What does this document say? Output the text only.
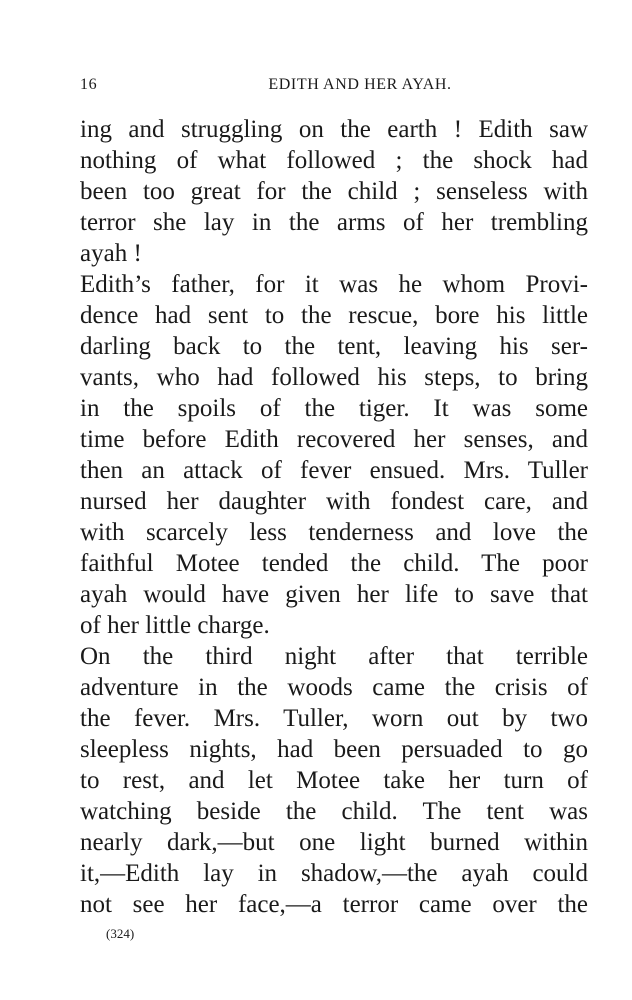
16	EDITH AND HER AYAH.
ing and struggling on the earth ! Edith saw
nothing of what followed ; the shock had
been too great for the child ; senseless with
terror she lay in the arms of her trembling
ayah !
Edith’s father, for it was he whom Provi-
dence had sent to the rescue, bore his little
darling back to the tent, leaving his ser-
vants, who had followed his steps, to bring
in the spoils of the tiger. It was some
time before Edith recovered her senses, and
then an attack of fever ensued. Mrs. Tuller
nursed her daughter with fondest care, and
with scarcely less tenderness and love the
faithful Motee tended the child. The poor
ayah would have given her life to save that
of her little charge.
On the third night after that terrible
adventure in the woods came the crisis of
the fever. Mrs. Tuller, worn out by two
sleepless nights, had been persuaded to go
to rest, and let Motee take her turn of
watching beside the child. The tent was
nearly dark,—but one light burned within
it,—Edith lay in shadow,—the ayah could
not see her face,—a terror came over the
(324)
